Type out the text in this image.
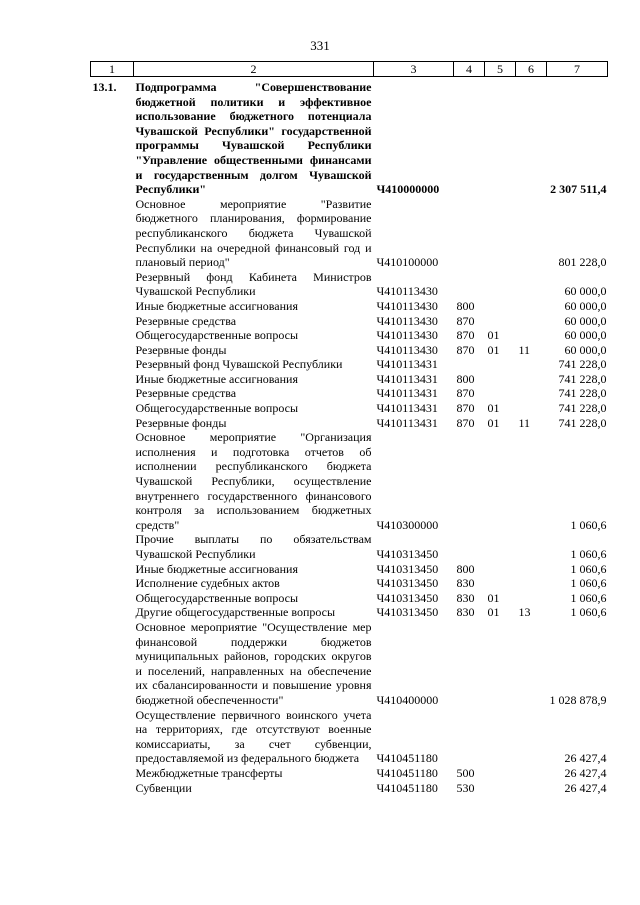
331
1	2	3	4	5	6	7
13.1.	Подпрограмма "Совершенствование бюджетной политики и эффективное использование бюджетного потенциала Чувашской Республики" государственной программы Чувашской Республики "Управление общественными финансами и государственным долгом Чувашской Республики"	Ч410000000				2 307 511,4
	Основное мероприятие "Развитие бюджетного планирования, формирование республиканского бюджета Чувашской Республики на очередной финансовый год и плановый период"	Ч410100000				801 228,0
	Резервный фонд Кабинета Министров Чувашской Республики	Ч410113430				60 000,0
	Иные бюджетные ассигнования	Ч410113430	800			60 000,0
	Резервные средства	Ч410113430	870			60 000,0
	Общегосударственные вопросы	Ч410113430	870	01		60 000,0
	Резервные фонды	Ч410113430	870	01	11	60 000,0
	Резервный фонд Чувашской Республики	Ч410113431				741 228,0
	Иные бюджетные ассигнования	Ч410113431	800			741 228,0
	Резервные средства	Ч410113431	870			741 228,0
	Общегосударственные вопросы	Ч410113431	870	01		741 228,0
	Резервные фонды	Ч410113431	870	01	11	741 228,0
	Основное мероприятие "Организация исполнения и подготовка отчетов об исполнении республиканского бюджета Чувашской Республики, осуществление внутреннего государственного финансового контроля за использованием бюджетных средств"	Ч410300000				1 060,6
	Прочие выплаты по обязательствам Чувашской Республики	Ч410313450				1 060,6
	Иные бюджетные ассигнования	Ч410313450	800			1 060,6
	Исполнение судебных актов	Ч410313450	830			1 060,6
	Общегосударственные вопросы	Ч410313450	830	01		1 060,6
	Другие общегосударственные вопросы	Ч410313450	830	01	13	1 060,6
	Основное мероприятие "Осуществление мер финансовой поддержки бюджетов муниципальных районов, городских округов и поселений, направленных на обеспечение их сбалансированности и повышение уровня бюджетной обеспеченности"	Ч410400000				1 028 878,9
	Осуществление первичного воинского учета на территориях, где отсутствуют военные комиссариаты, за счет субвенции, предоставляемой из федерального бюджета	Ч410451180				26 427,4
	Межбюджетные трансферты	Ч410451180	500			26 427,4
	Субвенции	Ч410451180	530			26 427,4
